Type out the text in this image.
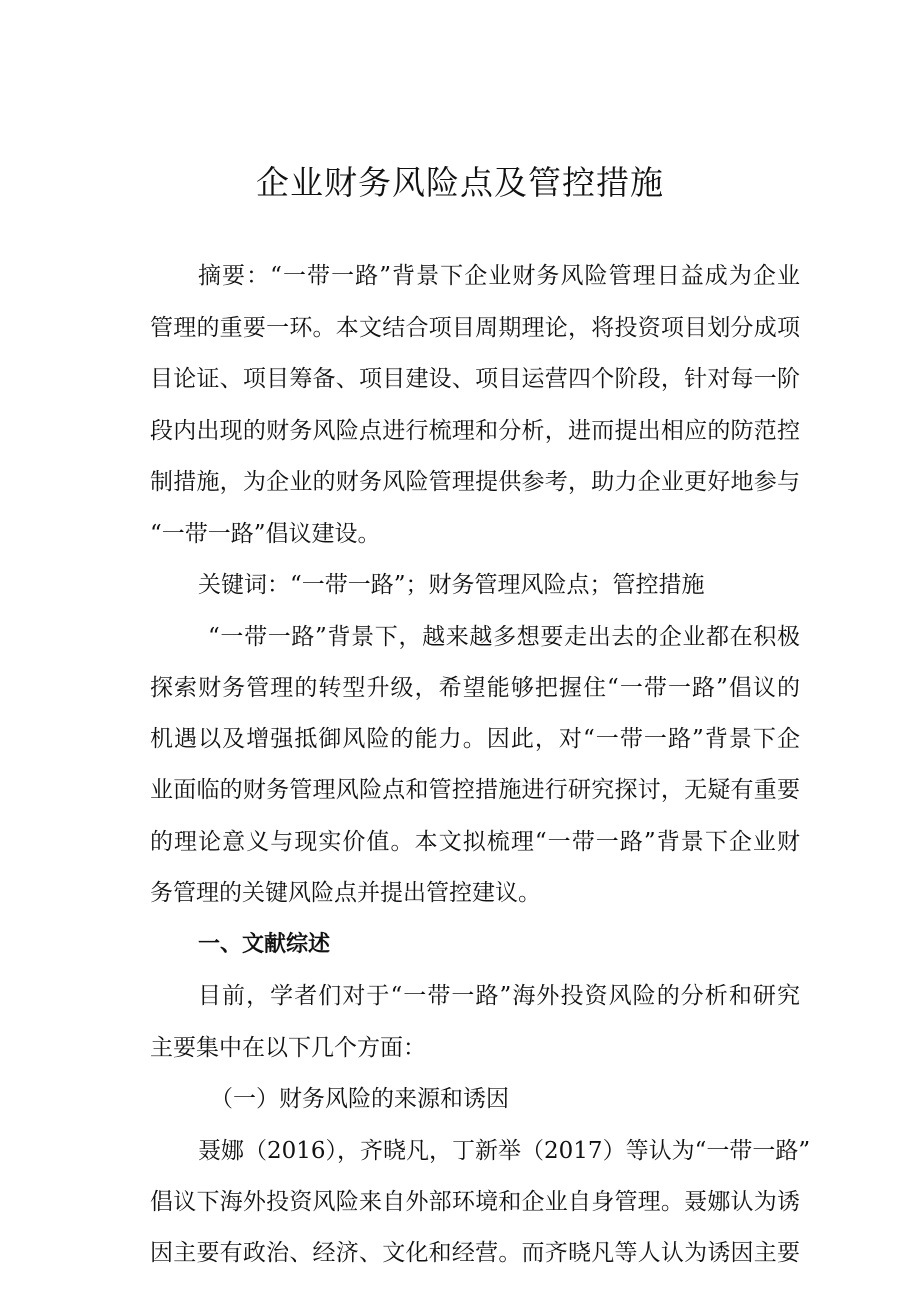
企业财务风险点及管控措施
摘要：“一带一路”背景下企业财务风险管理日益成为企业
管理的重要一环。本文结合项目周期理论，将投资项目划分成项
目论证、项目筹备、项目建设、项目运营四个阶段，针对每一阶
段内出现的财务风险点进行梳理和分析，进而提出相应的防范控
制措施，为企业的财务风险管理提供参考，助力企业更好地参与
“一带一路”倡议建设。
关键词：“一带一路”；财务管理风险点；管控措施
“一带一路”背景下，越来越多想要走出去的企业都在积极
探索财务管理的转型升级，希望能够把握住“一带一路”倡议的
机遇以及增强抵御风险的能力。因此，对“一带一路”背景下企
业面临的财务管理风险点和管控措施进行研究探讨，无疑有重要
的理论意义与现实价值。本文拟梳理“一带一路”背景下企业财
务管理的关键风险点并提出管控建议。
一、文献综述
目前，学者们对于“一带一路”海外投资风险的分析和研究
主要集中在以下几个方面：
（一）财务风险的来源和诱因
聂娜（2016），齐晓凡，丁新举（2017）等认为“一带一路”
倡议下海外投资风险来自外部环境和企业自身管理。聂娜认为诱
因主要有政治、经济、文化和经营。而齐晓凡等人认为诱因主要
